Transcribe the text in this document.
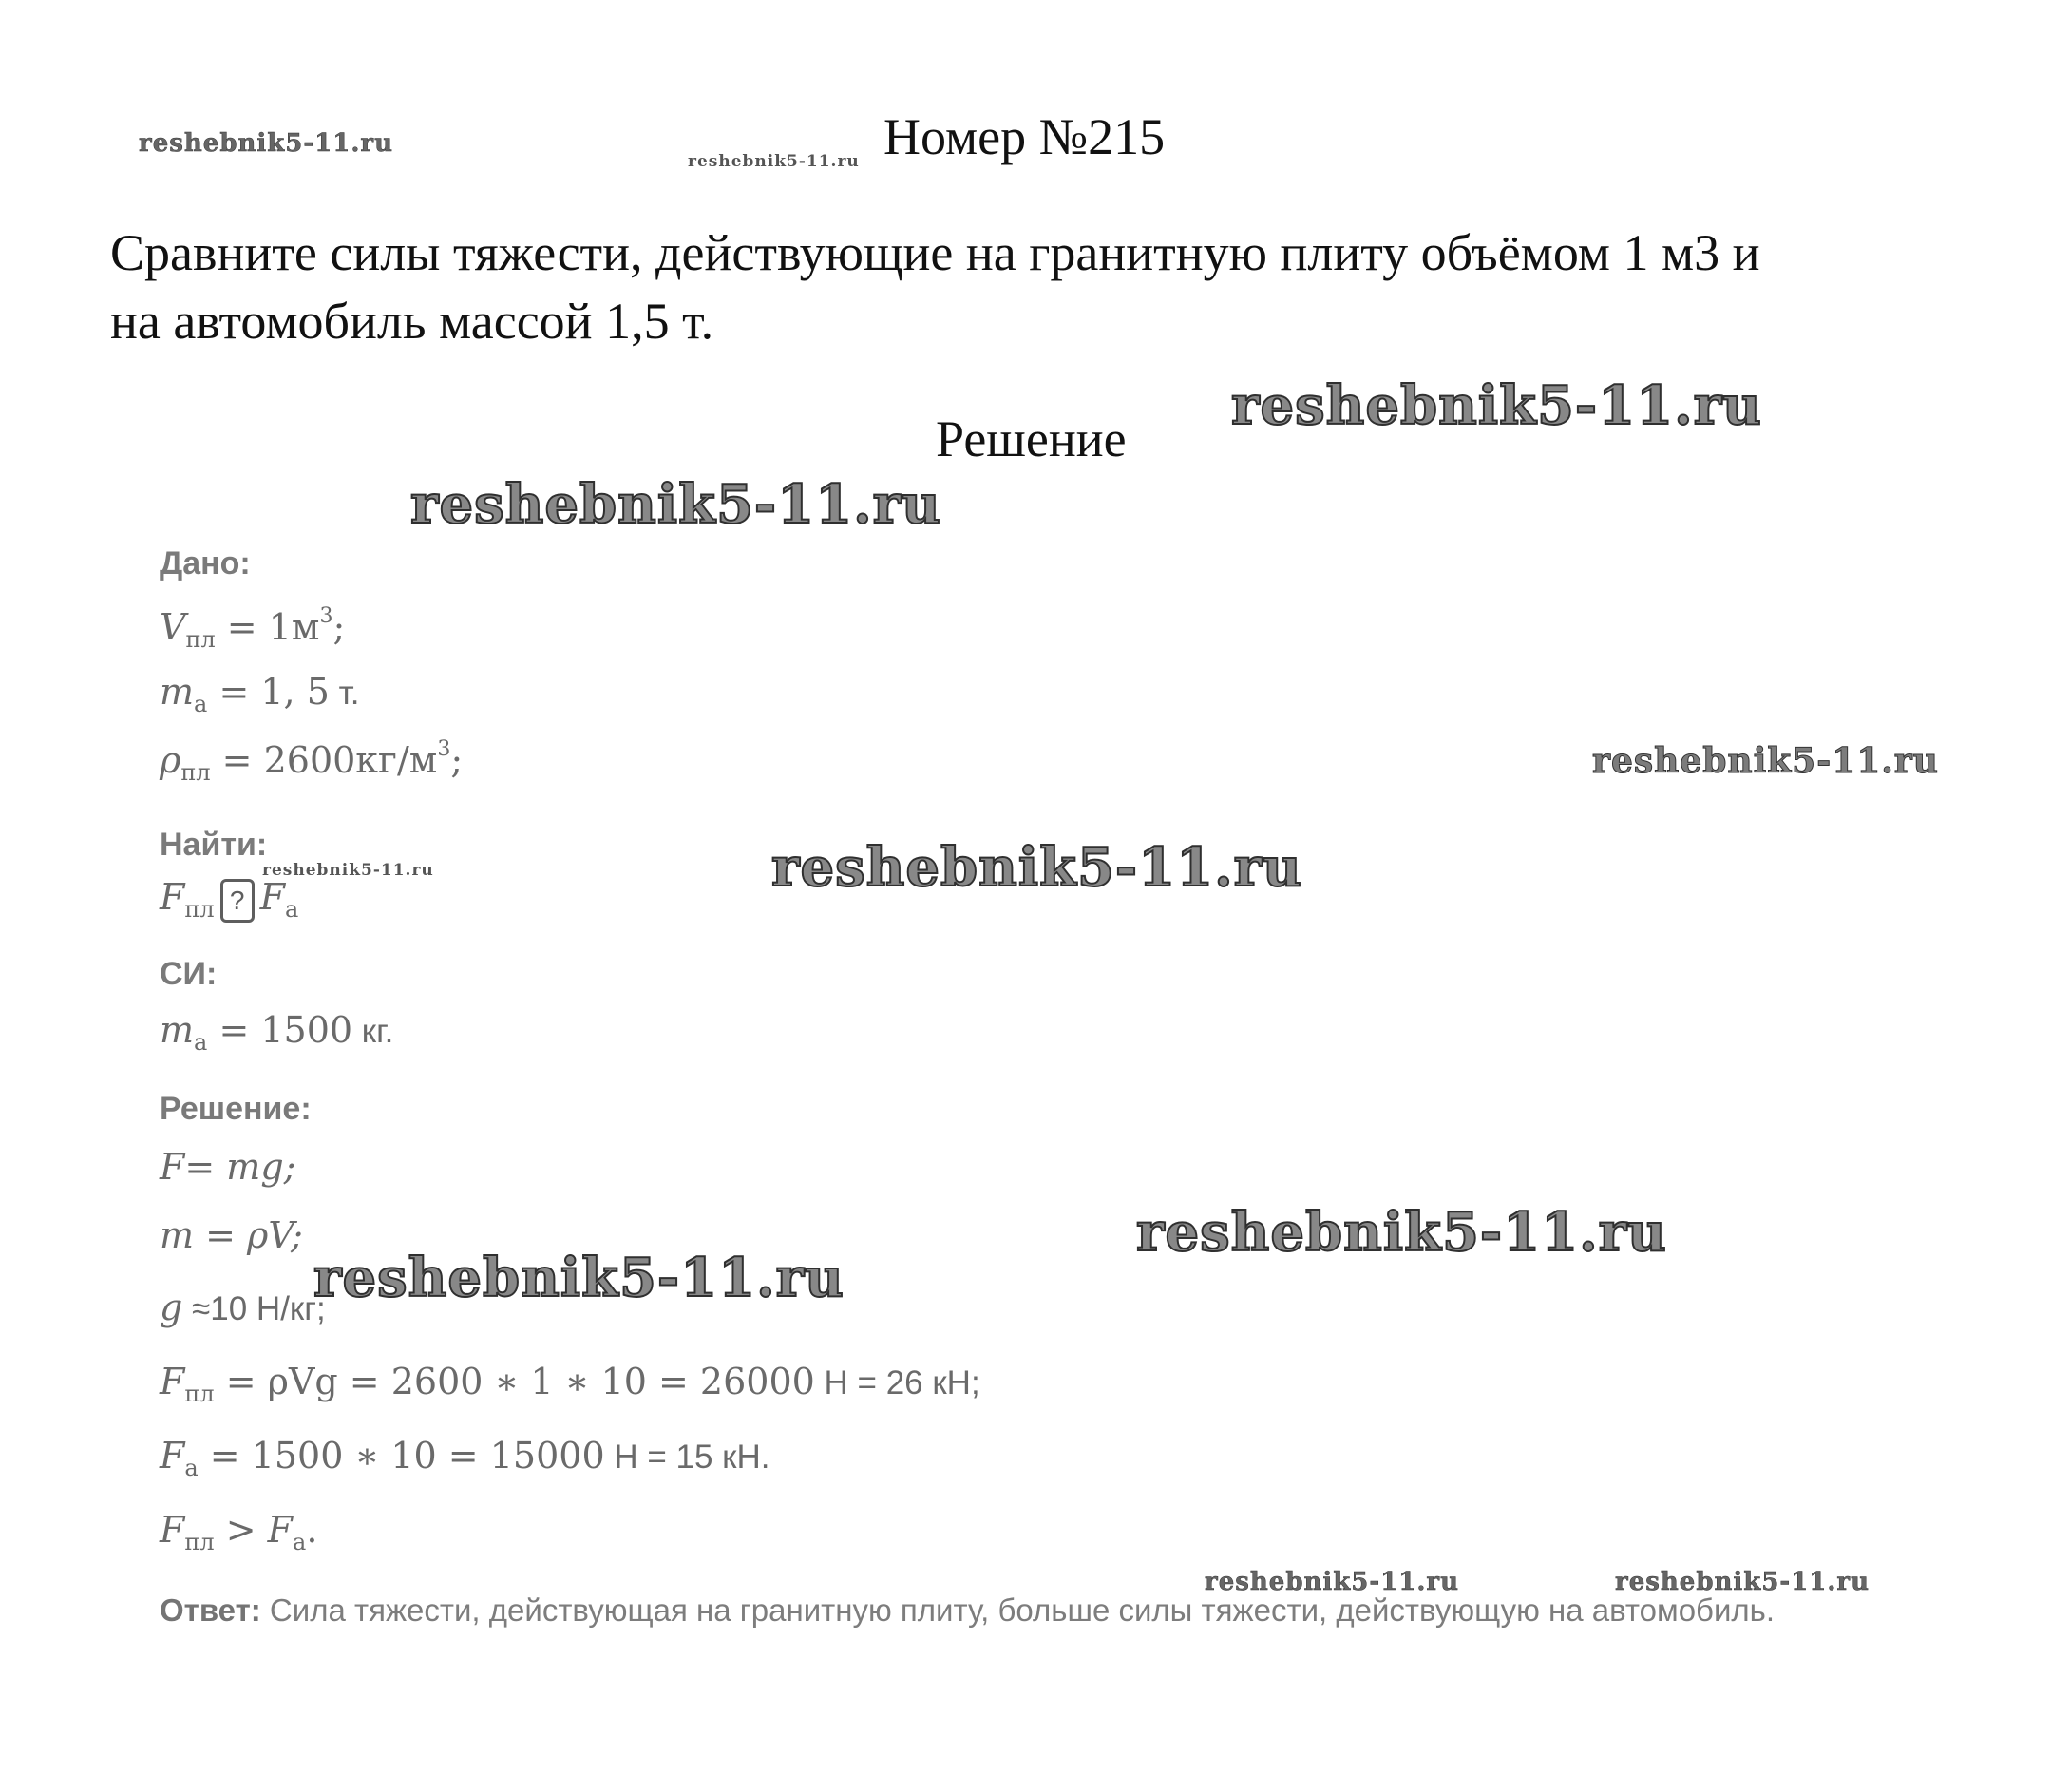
Номер №215
Сравните силы тяжести, действующие на гранитную плиту объёмом 1 м3 и
на автомобиль массой 1,5 т.
Решение
Дано:
$V_{пл} = 1м^3$;
$m_а = 1$, 5 т.
$\rho_{пл} = 2600кг/м^3$;
Найти:
$F_{пл}$ ? $F_а$
СИ:
$m_а = 1500$ кг.
Решение:
F= mg;
m = ρV;
g ≈10 Н/кг;
$F_{пл} = \rho Vg = 2600$ ∗ 1 ∗ 10 = 26000 Н = 26 кН;
$F_а = 1500$ ∗ 10 = 15000 Н = 15 кН.
$F_{пл} > F_а$.
Ответ: Сила тяжести, действующая на гранитную плиту, больше силы тяжести, действующую на автомобиль.
reshebnik5-11.ru
reshebnik5-11.ru
reshebnik5-11.ru
reshebnik5-11.ru
reshebnik5-11.ru
reshebnik5-11.ru	reshebnik5-11.ru
reshebnik5-11.ru
reshebnik5-11.ru
reshebnik5-11.ru	reshebnik5-11.ru
